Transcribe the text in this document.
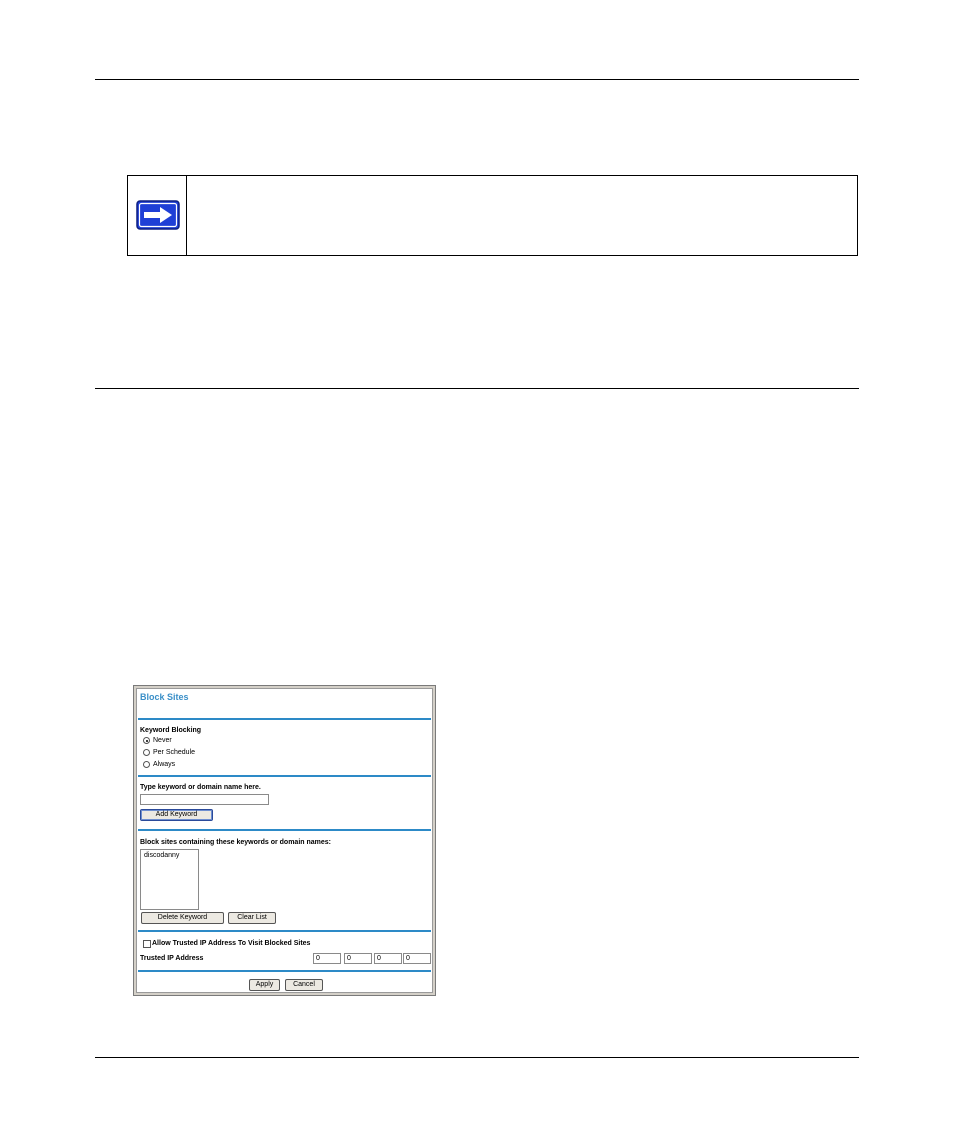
Block Sites
Keyword Blocking
Never
Per Schedule
Always
Type keyword or domain name here.
Add Keyword
Block sites containing these keywords or domain names:
discodanny
Delete Keyword	Clear List
Allow Trusted IP Address To Visit Blocked Sites
Trusted IP Address	0	0	0	0
Apply	Cancel
